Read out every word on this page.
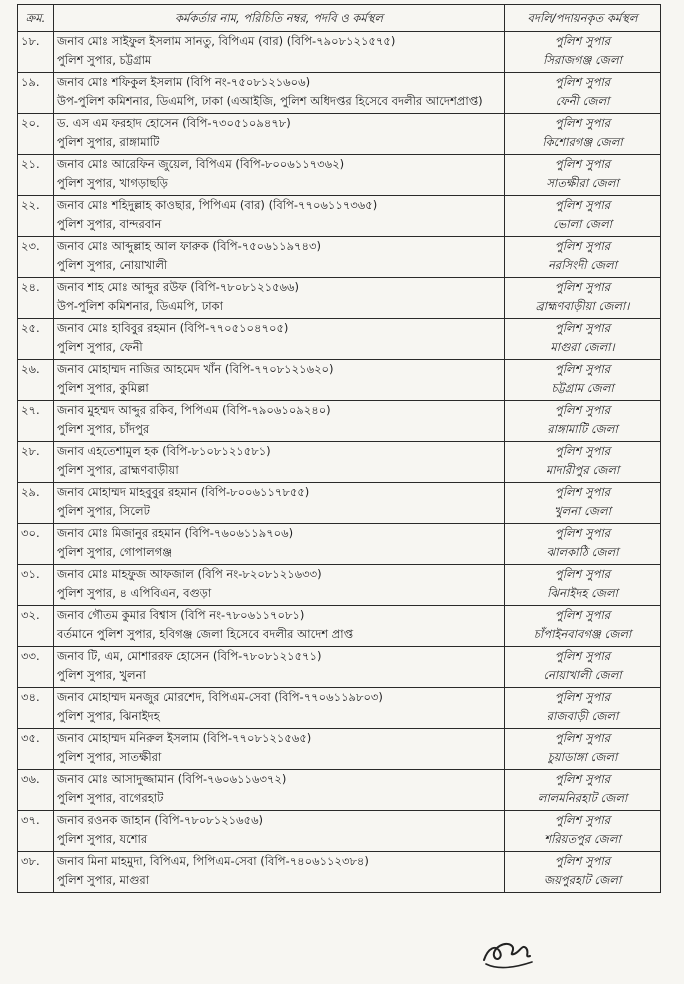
ক্রম.	কর্মকর্তার নাম, পরিচিতি নম্বর, পদবি ও কর্মস্থল	বদলি/পদায়নকৃত কর্মস্থল
১৮.	জনাব মোঃ সাইফুল ইসলাম সানতু, বিপিএম (বার) (বিপি-৭৯০৮১২১৫৭৫)
পুলিশ সুপার, চট্টগ্রাম	পুলিশ সুপার
সিরাজগঞ্জ জেলা

১৯.	জনাব মোঃ শফিকুল ইসলাম (বিপি নং-৭৫০৮১২১৬০৬)
উপ-পুলিশ কমিশনার, ডিএমপি, ঢাকা (এআইজি, পুলিশ অধিদপ্তর হিসেবে বদলীর আদেশপ্রাপ্ত)	পুলিশ সুপার
ফেনী জেলা

২০.	ড. এস এম ফরহাদ হোসেন (বিপি-৭৩০৫১০৯৪৭৮)
পুলিশ সুপার, রাঙ্গামাটি	পুলিশ সুপার
কিশোরগঞ্জ জেলা

২১.	জনাব মোঃ আরেফিন জুয়েল, বিপিএম (বিপি-৮০০৬১১৭৩৬২)
পুলিশ সুপার, খাগড়াছড়ি	পুলিশ সুপার
সাতক্ষীরা জেলা

২২.	জনাব মোঃ শহিদুল্লাহ কাওছার, পিপিএম (বার) (বিপি-৭৭০৬১১৭৩৬৫)
পুলিশ সুপার, বান্দরবান	পুলিশ সুপার
ভোলা জেলা

২৩.	জনাব মোঃ আব্দুল্লাহ আল ফারুক (বিপি-৭৫০৬১১৯৭৪৩)
পুলিশ সুপার, নোয়াখালী	পুলিশ সুপার
নরসিংদী জেলা

২৪.	জনাব শাহ মোঃ আব্দুর রউফ (বিপি-৭৮০৮১২১৫৬৬)
উপ-পুলিশ কমিশনার, ডিএমপি, ঢাকা	পুলিশ সুপার
ব্রাহ্মণবাড়ীয়া জেলা।

২৫.	জনাব মোঃ হাবিবুর রহমান (বিপি-৭৭০৫১০৪৭০৫)
পুলিশ সুপার, ফেনী	পুলিশ সুপার
মাগুরা জেলা।

২৬.	জনাব মোহাম্মদ নাজির আহমেদ খাঁন (বিপি-৭৭০৮১২১৬২০)
পুলিশ সুপার, কুমিল্লা	পুলিশ সুপার
চট্টগ্রাম জেলা

২৭.	জনাব মুহম্মদ আব্দুর রকিব, পিপিএম (বিপি-৭৯০৬১০৯২৪০)
পুলিশ সুপার, চাঁদপুর	পুলিশ সুপার
রাঙ্গামাটি জেলা

২৮.	জনাব এহতেশামুল হক (বিপি-৮১০৮১২১৫৮১)
পুলিশ সুপার, ব্রাহ্মণবাড়ীয়া	পুলিশ সুপার
মাদারীপুর জেলা

২৯.	জনাব মোহাম্মদ মাহবুবুর রহমান (বিপি-৮০০৬১১৭৮৫৫)
পুলিশ সুপার, সিলেট	পুলিশ সুপার
খুলনা জেলা

৩০.	জনাব মোঃ মিজানুর রহমান (বিপি-৭৬০৬১১৯৭০৬)
পুলিশ সুপার, গোপালগঞ্জ	পুলিশ সুপার
ঝালকাঠি জেলা

৩১.	জনাব মোঃ মাহফুজ আফজাল (বিপি নং-৮২০৮১২১৬৩৩)
পুলিশ সুপার, ৪ এপিবিএন, বগুড়া	পুলিশ সুপার
ঝিনাইদহ জেলা

৩২.	জনাব গৌতম কুমার বিশ্বাস (বিপি নং-৭৮০৬১১৭০৮১)
বর্তমানে পুলিশ সুপার, হবিগঞ্জ জেলা হিসেবে বদলীর আদেশ প্রাপ্ত	পুলিশ সুপার
চাঁপাইনবাবগঞ্জ জেলা

৩৩.	জনাব টি, এম, মোশাররফ হোসেন (বিপি-৭৮০৮১২১৫৭১)
পুলিশ সুপার, খুলনা	পুলিশ সুপার
নোয়াখালী জেলা

৩৪.	জনাব মোহাম্মদ মনজুর মোরশেদ, বিপিএম-সেবা (বিপি-৭৭০৬১১৯৮০৩)
পুলিশ সুপার, ঝিনাইদহ	পুলিশ সুপার
রাজবাড়ী জেলা

৩৫.	জনাব মোহাম্মদ মনিরুল ইসলাম (বিপি-৭৭০৮১২১৫৬৫)
পুলিশ সুপার, সাতক্ষীরা	পুলিশ সুপার
চুয়াডাঙ্গা জেলা

৩৬.	জনাব মোঃ আসাদুজ্জামান (বিপি-৭৬০৬১১৬৩৭২)
পুলিশ সুপার, বাগেরহাট	পুলিশ সুপার
লালমনিরহাট জেলা

৩৭.	জনাব রওনক জাহান (বিপি-৭৮০৮১২১৬৫৬)
পুলিশ সুপার, যশোর	পুলিশ সুপার
শরিয়তপুর জেলা

৩৮.	জনাব মিনা মাহমুদা, বিপিএম, পিপিএম-সেবা (বিপি-৭৪০৬১১২৩৮৪)
পুলিশ সুপার, মাগুরা	পুলিশ সুপার
জয়পুরহাট জেলা
